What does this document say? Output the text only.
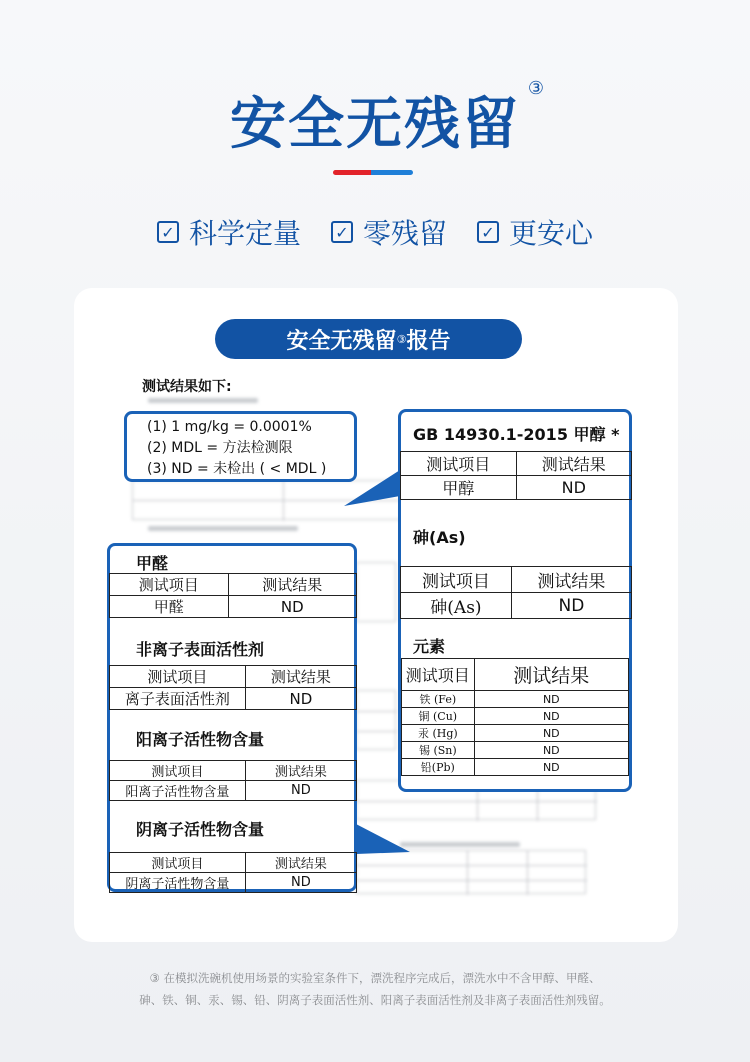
安全无残留
③
✓ 科学定量 ✓ 零残留 ✓ 更安心
安全无残留 ③ 报告
测试结果如下:
(1) 1 mg/kg = 0.0001%
(2) MDL = 方法检测限
(3) ND = 未检出 ( < MDL )
GB 14930.1-2015 甲醇 *
测试项目	测试结果
甲醇	ND
砷(As)
测试项目	测试结果
砷(As)	ND
元素
测试项目	测试结果
铁 (Fe)	ND
铜 (Cu)	ND
汞 (Hg)	ND
锡 (Sn)	ND
铅(Pb)	ND
甲醛
测试项目	测试结果
甲醛	ND
非离子表面活性剂
测试项目	测试结果
离子表面活性剂	ND
阳离子活性物含量
测试项目	测试结果
阳离子活性物含量	ND
阴离子活性物含量
测试项目	测试结果
阴离子活性物含量	ND
③ 在模拟洗碗机使用场景的实验室条件下，漂洗程序完成后，漂洗水中不含甲醇、甲醛、
砷、铁、铜、汞、锡、铅、阴离子表面活性剂、阳离子表面活性剂及非离子表面活性剂残留。
